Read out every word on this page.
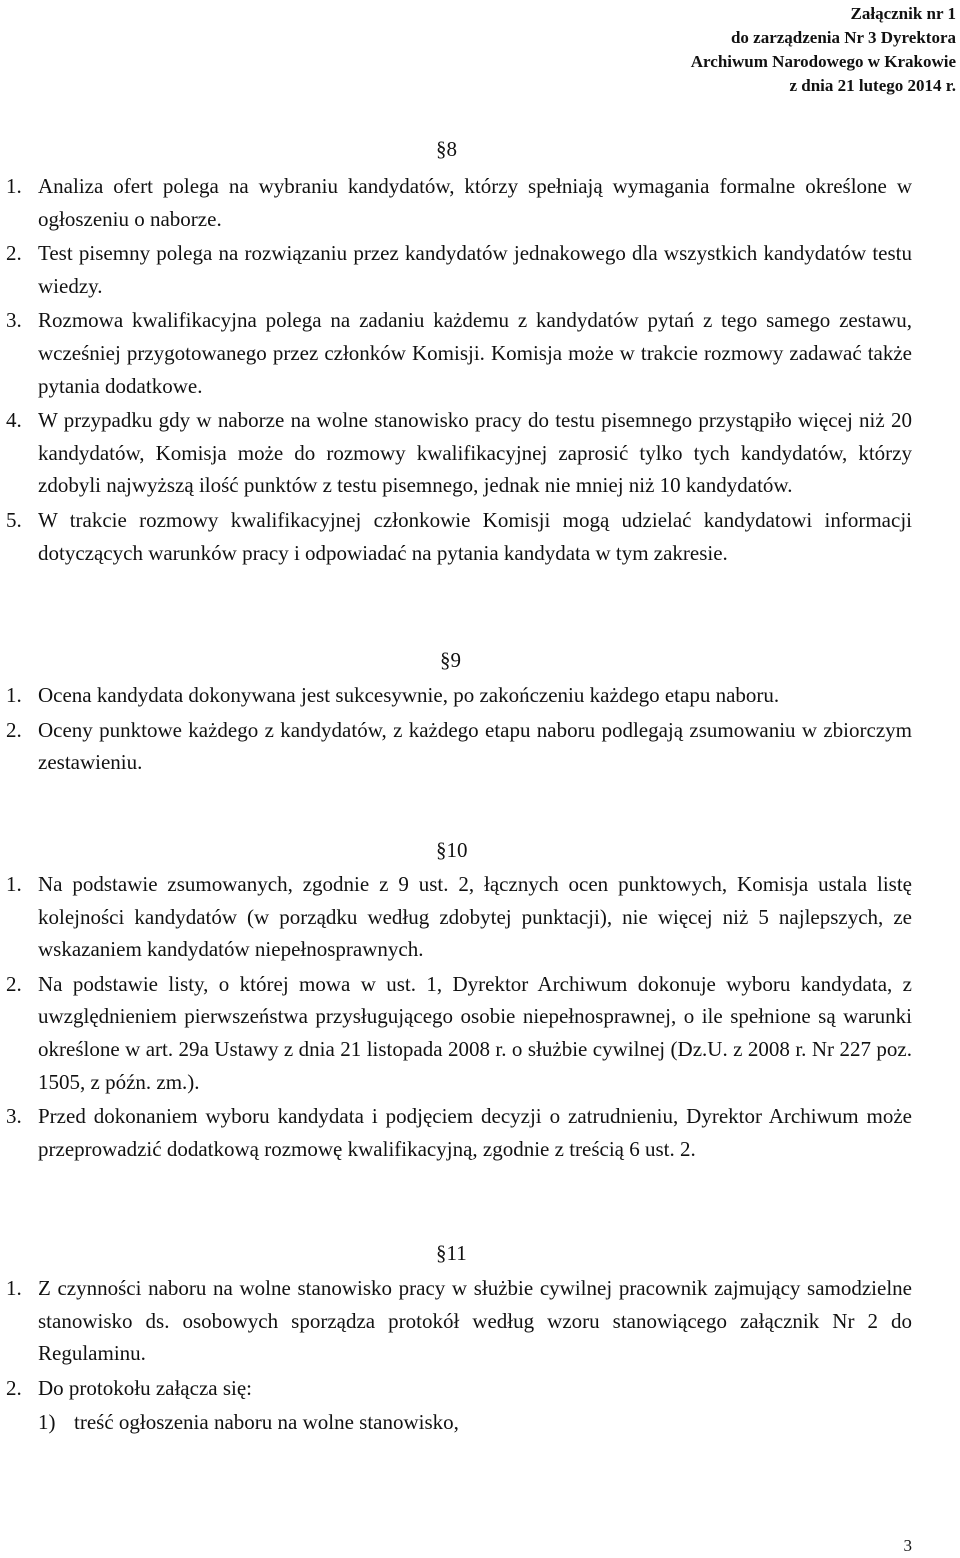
Załącznik nr 1
do zarządzenia Nr 3 Dyrektora
Archiwum Narodowego w Krakowie
z dnia 21 lutego 2014 r.
§8
1. Analiza ofert polega na wybraniu kandydatów, którzy spełniają wymagania formalne określone w ogłoszeniu o naborze.
2. Test pisemny polega na rozwiązaniu przez kandydatów jednakowego dla wszystkich kandydatów testu wiedzy.
3. Rozmowa kwalifikacyjna polega na zadaniu każdemu z kandydatów pytań z tego samego zestawu, wcześniej przygotowanego przez członków Komisji. Komisja może w trakcie rozmowy zadawać także pytania dodatkowe.
4. W przypadku gdy w naborze na wolne stanowisko pracy do testu pisemnego przystąpiło więcej niż 20 kandydatów, Komisja może do rozmowy kwalifikacyjnej zaprosić tylko tych kandydatów, którzy zdobyli najwyższą ilość punktów z testu pisemnego, jednak nie mniej niż 10 kandydatów.
5. W trakcie rozmowy kwalifikacyjnej członkowie Komisji mogą udzielać kandydatowi informacji dotyczących warunków pracy i odpowiadać na pytania kandydata w tym zakresie.
§9
1. Ocena kandydata dokonywana jest sukcesywnie, po zakończeniu każdego etapu naboru.
2. Oceny punktowe każdego z kandydatów, z każdego etapu naboru podlegają zsumowaniu w zbiorczym zestawieniu.
§10
1. Na podstawie zsumowanych, zgodnie z 9 ust. 2, łącznych ocen punktowych, Komisja ustala listę kolejności kandydatów (w porządku według zdobytej punktacji), nie więcej niż 5 najlepszych, ze wskazaniem kandydatów niepełnosprawnych.
2. Na podstawie listy, o której mowa w ust. 1, Dyrektor Archiwum dokonuje wyboru kandydata, z uwzględnieniem pierwszeństwa przysługującego osobie niepełnosprawnej, o ile spełnione są warunki określone w art. 29a Ustawy z dnia 21 listopada 2008 r. o służbie cywilnej (Dz.U. z 2008 r. Nr 227 poz. 1505, z późn. zm.).
3. Przed dokonaniem wyboru kandydata i podjęciem decyzji o zatrudnieniu, Dyrektor Archiwum może przeprowadzić dodatkową rozmowę kwalifikacyjną, zgodnie z treścią 6 ust. 2.
§11
1. Z czynności naboru na wolne stanowisko pracy w służbie cywilnej pracownik zajmujący samodzielne stanowisko ds. osobowych sporządza protokół według wzoru stanowiącego załącznik Nr 2 do Regulaminu.
2. Do protokołu załącza się:
1) treść ogłoszenia naboru na wolne stanowisko,
3
